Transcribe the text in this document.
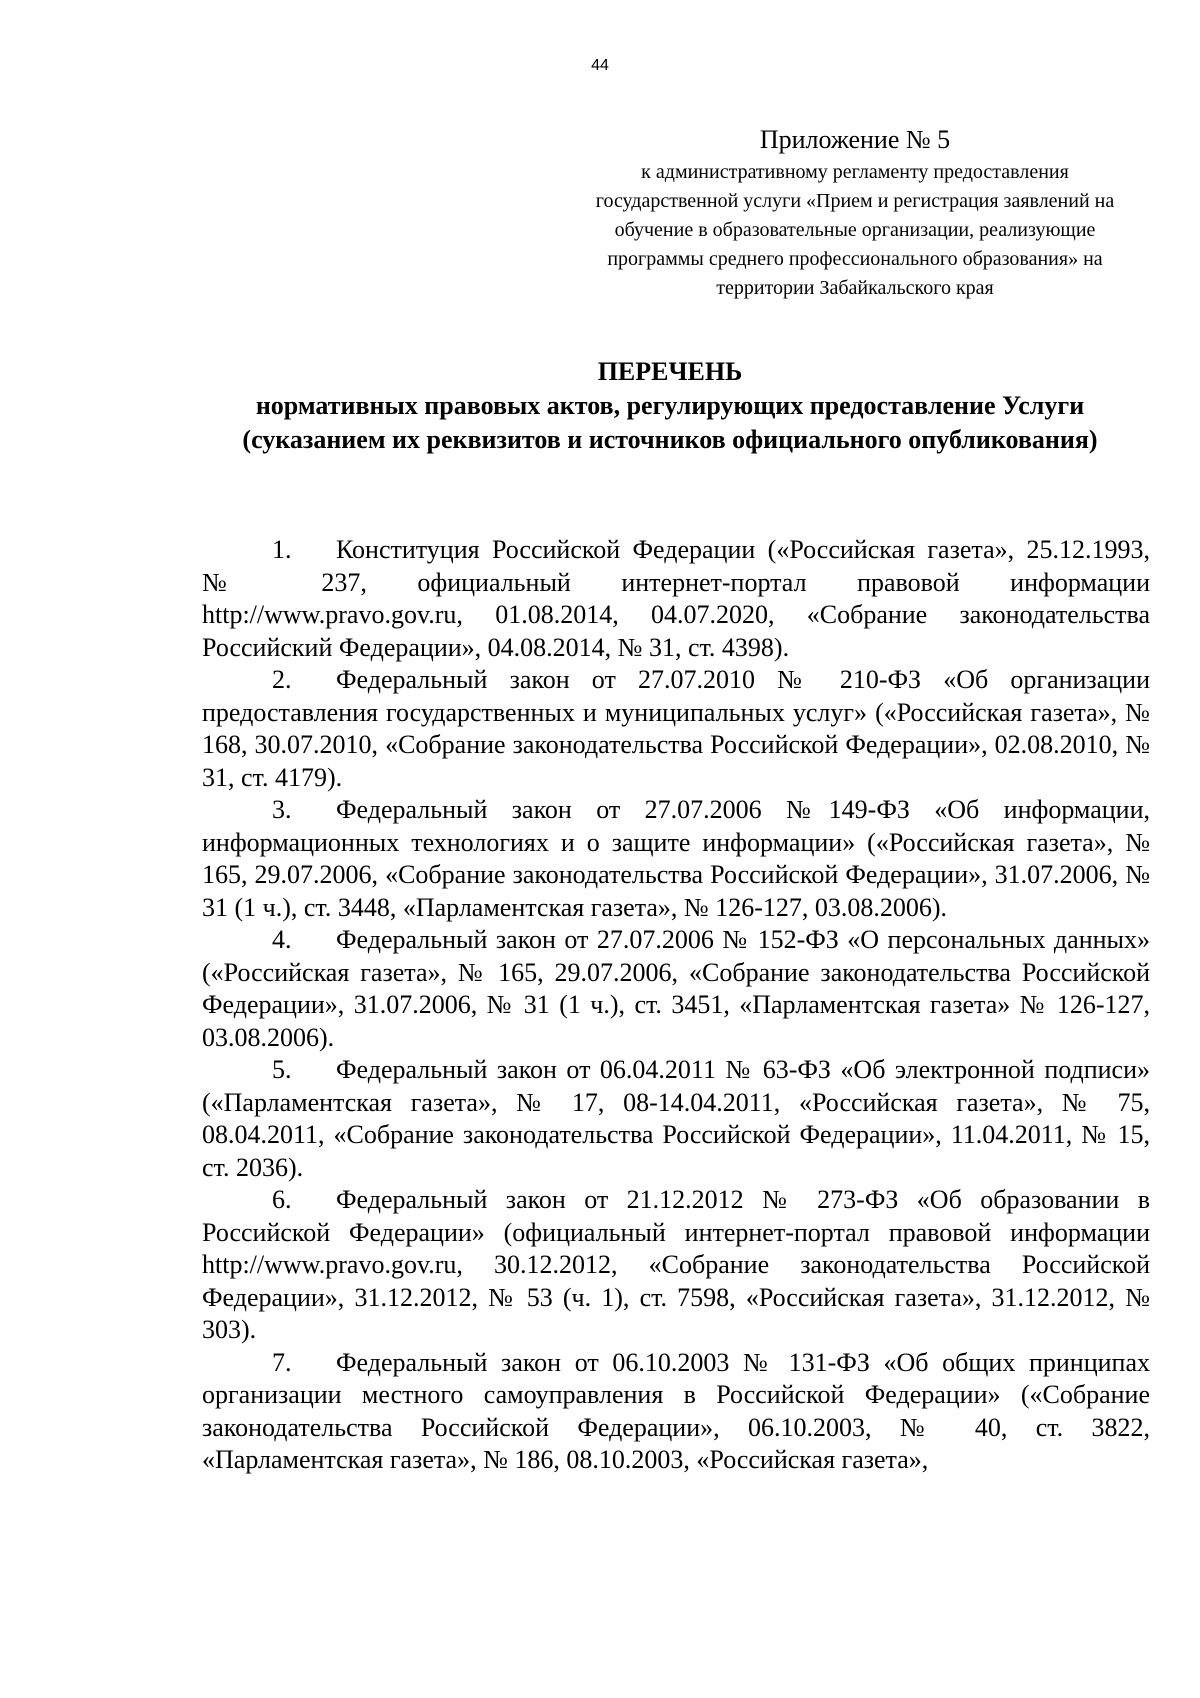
44
Приложение № 5
к административному регламенту предоставления государственной услуги «Прием и регистрация заявлений на обучение в образовательные организации, реализующие программы среднего профессионального образования» на территории Забайкальского края
ПЕРЕЧЕНЬ
нормативных правовых актов, регулирующих предоставление Услуги (суказанием их реквизитов и источников официального опубликования)

1. Конституция Российской Федерации («Российская газета», 25.12.1993, № 237, официальный интернет-портал правовой информации http://www.pravo.gov.ru, 01.08.2014, 04.07.2020, «Собрание законодательства Российский Федерации», 04.08.2014, № 31, ст. 4398).

2. Федеральный закон от 27.07.2010 № 210-ФЗ «Об организации предоставления государственных и муниципальных услуг» («Российская газета», № 168, 30.07.2010, «Собрание законодательства Российской Федерации», 02.08.2010, № 31, ст. 4179).

3. Федеральный закон от 27.07.2006 №149-ФЗ «Об информации, информационных технологиях и о защите информации» («Российская газета», № 165, 29.07.2006, «Собрание законодательства Российской Федерации», 31.07.2006, № 31 (1 ч.), ст. 3448, «Парламентская газета», № 126-127, 03.08.2006).

4. Федеральный закон от 27.07.2006 № 152-ФЗ «О персональных данных» («Российская газета», № 165, 29.07.2006, «Собрание законодательства Российской Федерации», 31.07.2006, № 31 (1 ч.), ст. 3451, «Парламентская газета» № 126-127, 03.08.2006).

5. Федеральный закон от 06.04.2011 № 63-ФЗ «Об электронной подписи» («Парламентская газета», № 17, 08-14.04.2011, «Российская газета», № 75, 08.04.2011, «Собрание законодательства Российской Федерации», 11.04.2011, № 15, ст. 2036).

6. Федеральный закон от 21.12.2012 № 273-ФЗ «Об образовании в Российской Федерации» (официальный интернет-портал правовой информации http://www.pravo.gov.ru, 30.12.2012, «Собрание законодательства Российской Федерации», 31.12.2012, № 53 (ч. 1), ст. 7598, «Российская газета», 31.12.2012, № 303).

7. Федеральный закон от 06.10.2003 № 131-ФЗ «Об общих принципах организации местного самоуправления в Российской Федерации» («Собрание законодательства Российской Федерации», 06.10.2003, № 40, ст. 3822, «Парламентская газета», № 186, 08.10.2003, «Российская газета»,
